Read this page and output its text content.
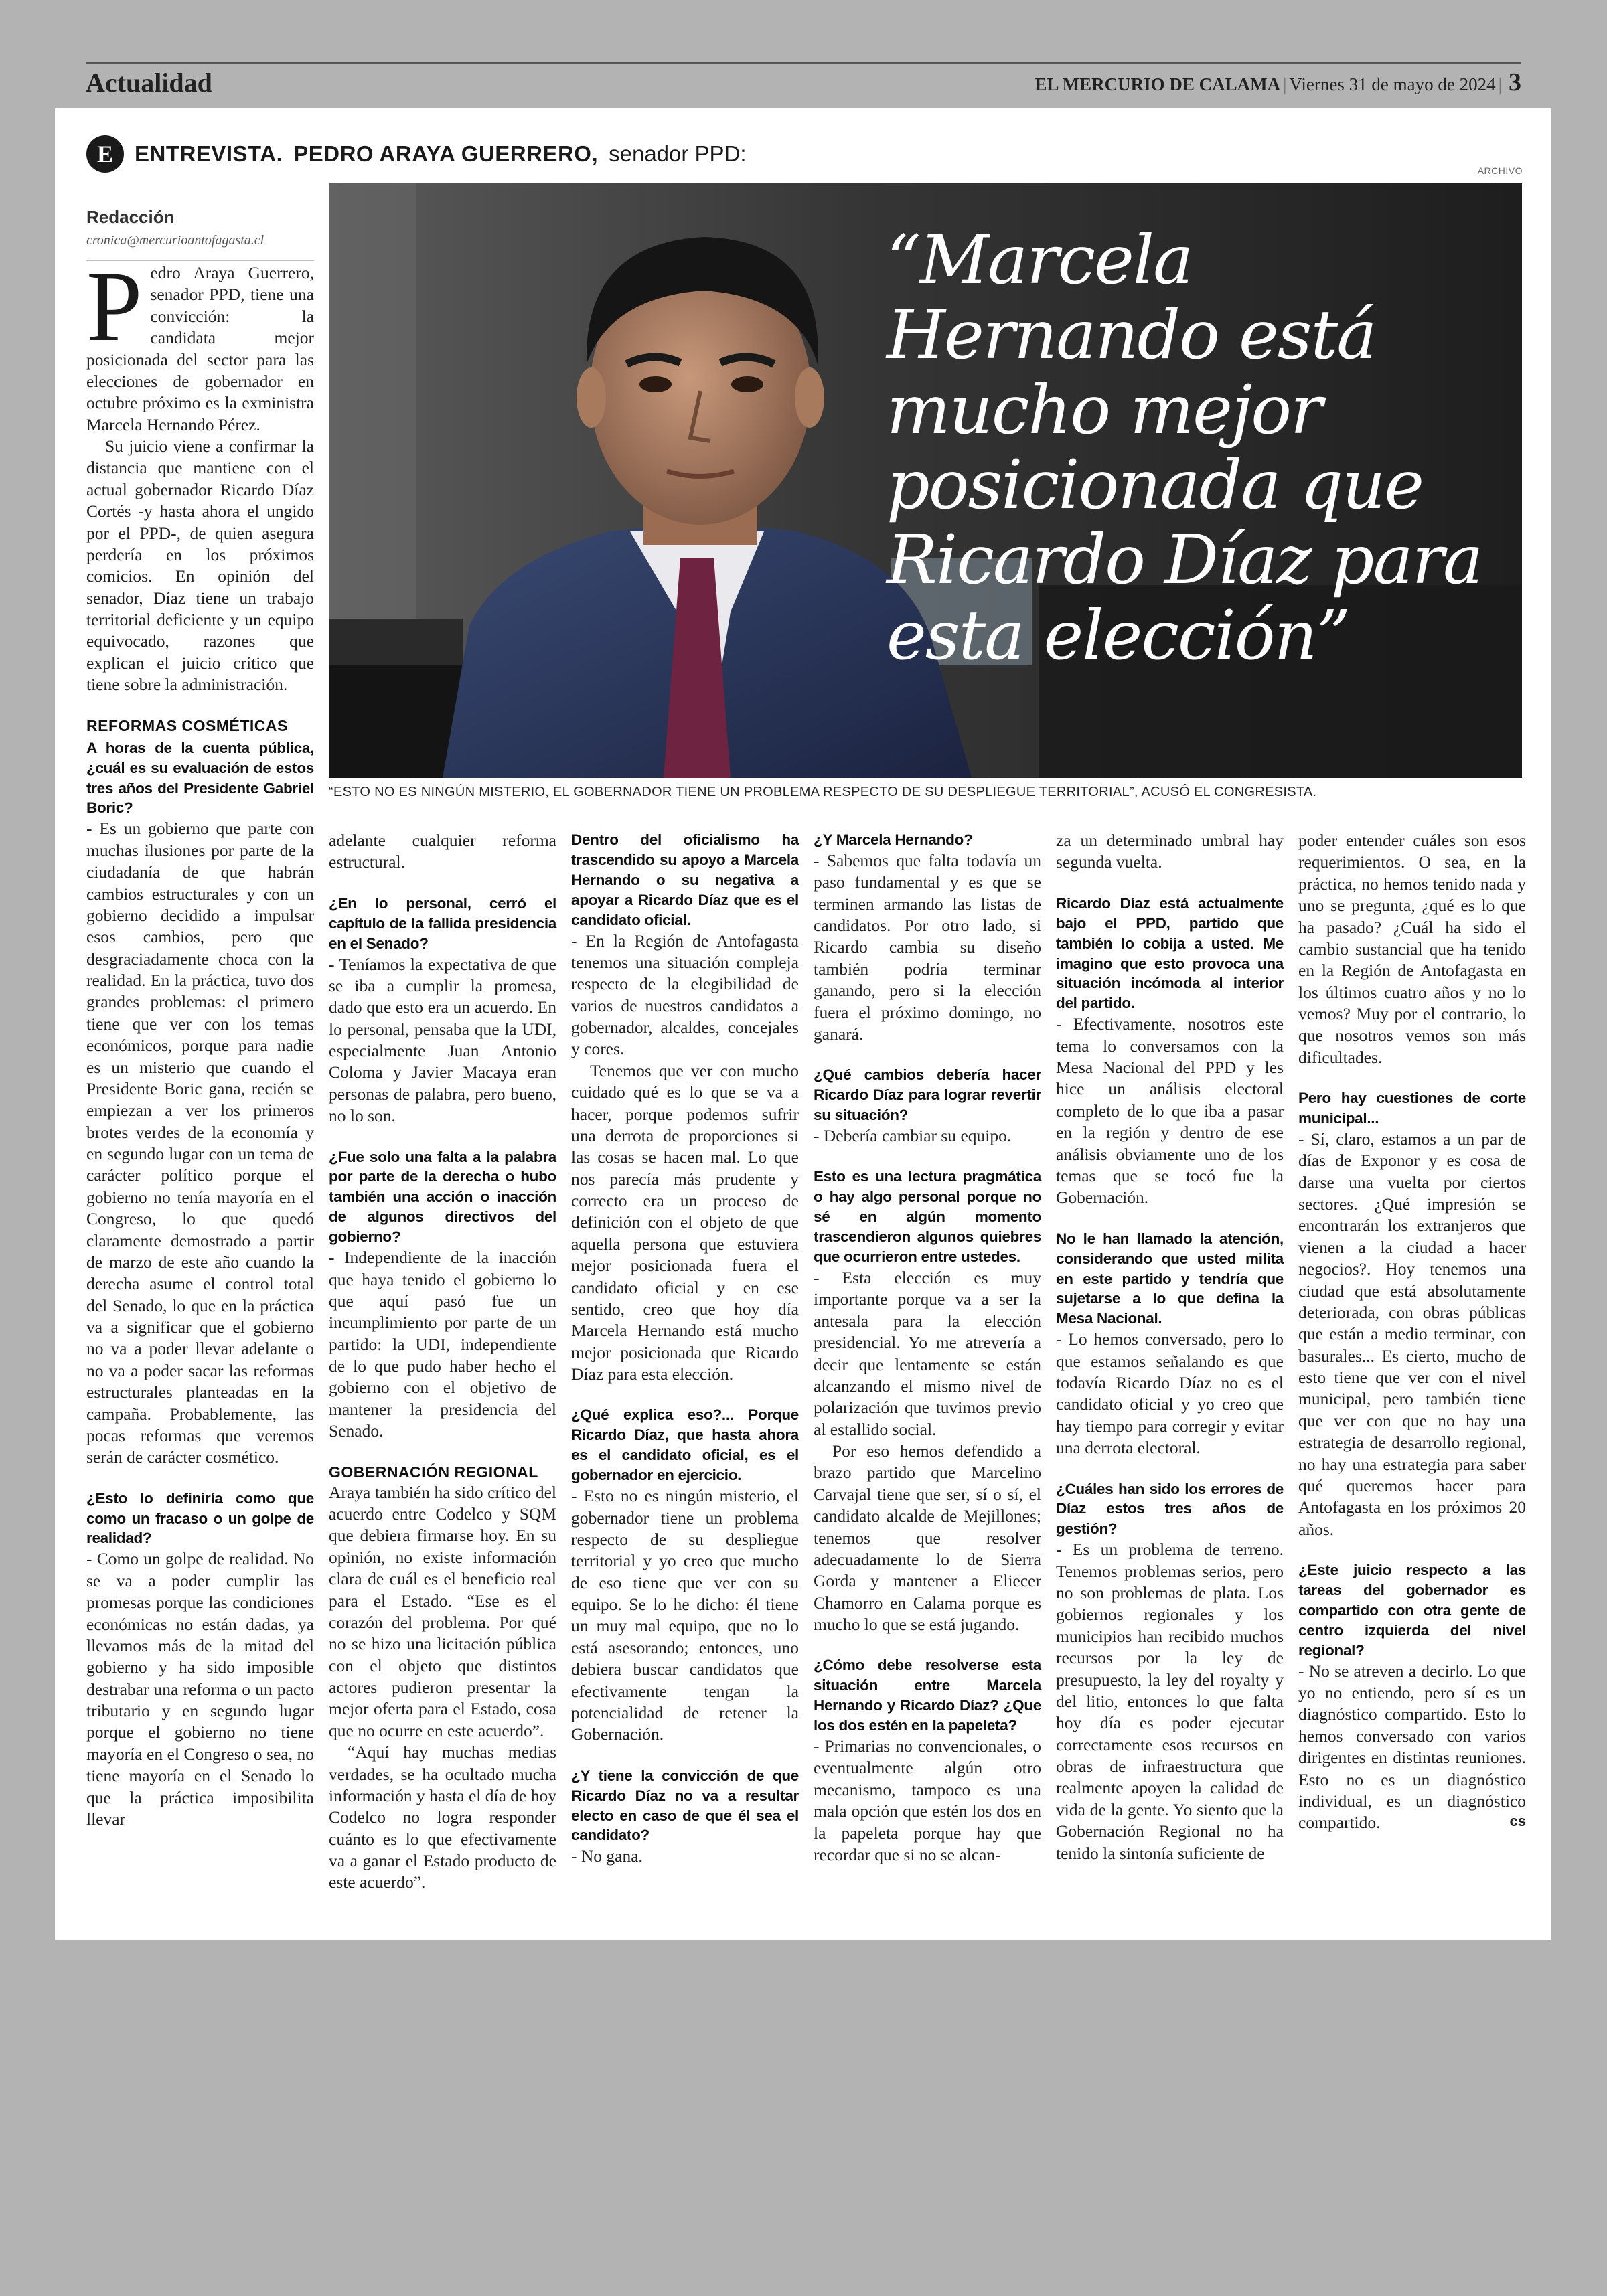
Actualidad	EL MERCURIO DE CALAMA | Viernes 31 de mayo de 2024 | 3
E ENTREVISTA. PEDRO ARAYA GUERRERO, senador PPD:
ARCHIVO
“Marcela Hernando está mucho mejor posicionada que Ricardo Díaz para esta elección”
“ESTO NO ES NINGÚN MISTERIO, EL GOBERNADOR TIENE UN PROBLEMA RESPECTO DE SU DESPLIEGUE TERRITORIAL”, ACUSÓ EL CONGRESISTA.
Redacción
cronica@mercurioantofagasta.cl

Pedro Araya Guerrero, senador PPD, tiene una convicción: la candidata mejor posicionada del sector para las elecciones de gobernador en octubre próximo es la exministra Marcela Hernando Pérez.

Su juicio viene a confirmar la distancia que mantiene con el actual gobernador Ricardo Díaz Cortés -y hasta ahora el ungido por el PPD-, de quien asegura perdería en los próximos comicios. En opinión del senador, Díaz tiene un trabajo territorial deficiente y un equipo equivocado, razones que explican el juicio crítico que tiene sobre la administración.

REFORMAS COSMÉTICAS

A horas de la cuenta pública, ¿cuál es su evaluación de estos tres años del Presidente Gabriel Boric?

- Es un gobierno que parte con muchas ilusiones por parte de la ciudadanía de que habrán cambios estructurales y con un gobierno decidido a impulsar esos cambios, pero que desgraciadamente choca con la realidad. En la práctica, tuvo dos grandes problemas: el primero tiene que ver con los temas económicos, porque para nadie es un misterio que cuando el Presidente Boric gana, recién se empiezan a ver los primeros brotes verdes de la economía y en segundo lugar con un tema de carácter político porque el gobierno no tenía mayoría en el Congreso, lo que quedó claramente demostrado a partir de marzo de este año cuando la derecha asume el control total del Senado, lo que en la práctica va a significar que el gobierno no va a poder llevar adelante o no va a poder sacar las reformas estructurales planteadas en la campaña. Probablemente, las pocas reformas que veremos serán de carácter cosmético.

¿Esto lo definiría como que como un fracaso o un golpe de realidad?

- Como un golpe de realidad. No se va a poder cumplir las promesas porque las condiciones económicas no están dadas, ya llevamos más de la mitad del gobierno y ha sido imposible destrabar una reforma o un pacto tributario y en segundo lugar porque el gobierno no tiene mayoría en el Congreso o sea, no tiene mayoría en el Senado lo que la práctica imposibilita llevar

adelante cualquier reforma estructural.

¿En lo personal, cerró el capítulo de la fallida presidencia en el Senado?

- Teníamos la expectativa de que se iba a cumplir la promesa, dado que esto era un acuerdo. En lo personal, pensaba que la UDI, especialmente Juan Antonio Coloma y Javier Macaya eran personas de palabra, pero bueno, no lo son.

¿Fue solo una falta a la palabra por parte de la derecha o hubo también una acción o inacción de algunos directivos del gobierno?

- Independiente de la inacción que haya tenido el gobierno lo que aquí pasó fue un incumplimiento por parte de un partido: la UDI, independiente de lo que pudo haber hecho el gobierno con el objetivo de mantener la presidencia del Senado.

GOBERNACIÓN REGIONAL

Araya también ha sido crítico del acuerdo entre Codelco y SQM que debiera firmarse hoy. En su opinión, no existe información clara de cuál es el beneficio real para el Estado. “Ese es el corazón del problema. Por qué no se hizo una licitación pública con el objeto que distintos actores pudieron presentar la mejor oferta para el Estado, cosa que no ocurre en este acuerdo”.

“Aquí hay muchas medias verdades, se ha ocultado mucha información y hasta el día de hoy Codelco no logra responder cuánto es lo que efectivamente va a ganar el Estado producto de este acuerdo”.

Dentro del oficialismo ha trascendido su apoyo a Marcela Hernando o su negativa a apoyar a Ricardo Díaz que es el candidato oficial.

- En la Región de Antofagasta tenemos una situación compleja respecto de la elegibilidad de varios de nuestros candidatos a gobernador, alcaldes, concejales y cores.

Tenemos que ver con mucho cuidado qué es lo que se va a hacer, porque podemos sufrir una derrota de proporciones si las cosas se hacen mal. Lo que nos parecía más prudente y correcto era un proceso de definición con el objeto de que aquella persona que estuviera mejor posicionada fuera el candidato oficial y en ese sentido, creo que hoy día Marcela Hernando está mucho mejor posicionada que Ricardo Díaz para esta elección.

¿Qué explica eso?... Porque Ricardo Díaz, que hasta ahora es el candidato oficial, es el gobernador en ejercicio.

- Esto no es ningún misterio, el gobernador tiene un problema respecto de su despliegue territorial y yo creo que mucho de eso tiene que ver con su equipo. Se lo he dicho: él tiene un muy mal equipo, que no lo está asesorando; entonces, uno debiera buscar candidatos que efectivamente tengan la potencialidad de retener la Gobernación.

¿Y tiene la convicción de que Ricardo Díaz no va a resultar electo en caso de que él sea el candidato?

- No gana.

¿Y Marcela Hernando?

- Sabemos que falta todavía un paso fundamental y es que se terminen armando las listas de candidatos. Por otro lado, si Ricardo cambia su diseño también podría terminar ganando, pero si la elección fuera el próximo domingo, no ganará.

¿Qué cambios debería hacer Ricardo Díaz para lograr revertir su situación?

- Debería cambiar su equipo.

Esto es una lectura pragmática o hay algo personal porque no sé en algún momento trascendieron algunos quiebres que ocurrieron entre ustedes.

- Esta elección es muy importante porque va a ser la antesala para la elección presidencial. Yo me atrevería a decir que lentamente se están alcanzando el mismo nivel de polarización que tuvimos previo al estallido social.

Por eso hemos defendido a brazo partido que Marcelino Carvajal tiene que ser, sí o sí, el candidato alcalde de Mejillones; tenemos que resolver adecuadamente lo de Sierra Gorda y mantener a Eliecer Chamorro en Calama porque es mucho lo que se está jugando.

¿Cómo debe resolverse esta situación entre Marcela Hernando y Ricardo Díaz? ¿Que los dos estén en la papeleta?

- Primarias no convencionales, o eventualmente algún otro mecanismo, tampoco es una mala opción que estén los dos en la papeleta porque hay que recordar que si no se alcan-

za un determinado umbral hay segunda vuelta.

Ricardo Díaz está actualmente bajo el PPD, partido que también lo cobija a usted. Me imagino que esto provoca una situación incómoda al interior del partido.

- Efectivamente, nosotros este tema lo conversamos con la Mesa Nacional del PPD y les hice un análisis electoral completo de lo que iba a pasar en la región y dentro de ese análisis obviamente uno de los temas que se tocó fue la Gobernación.

No le han llamado la atención, considerando que usted milita en este partido y tendría que sujetarse a lo que defina la Mesa Nacional.

- Lo hemos conversado, pero lo que estamos señalando es que todavía Ricardo Díaz no es el candidato oficial y yo creo que hay tiempo para corregir y evitar una derrota electoral.

¿Cuáles han sido los errores de Díaz estos tres años de gestión?

- Es un problema de terreno. Tenemos problemas serios, pero no son problemas de plata. Los gobiernos regionales y los municipios han recibido muchos recursos por la ley de presupuesto, la ley del royalty y del litio, entonces lo que falta hoy día es poder ejecutar correctamente esos recursos en obras de infraestructura que realmente apoyen la calidad de vida de la gente. Yo siento que la Gobernación Regional no ha tenido la sintonía suficiente de

poder entender cuáles son esos requerimientos. O sea, en la práctica, no hemos tenido nada y uno se pregunta, ¿qué es lo que ha pasado? ¿Cuál ha sido el cambio sustancial que ha tenido en la Región de Antofagasta en los últimos cuatro años y no lo vemos? Muy por el contrario, lo que nosotros vemos son más dificultades.

Pero hay cuestiones de corte municipal...

- Sí, claro, estamos a un par de días de Exponor y es cosa de darse una vuelta por ciertos sectores. ¿Qué impresión se encontrarán los extranjeros que vienen a la ciudad a hacer negocios?. Hoy tenemos una ciudad que está absolutamente deteriorada, con obras públicas que están a medio terminar, con basurales... Es cierto, mucho de esto tiene que ver con el nivel municipal, pero también tiene que ver con que no hay una estrategia de desarrollo regional, no hay una estrategia para saber qué queremos hacer para Antofagasta en los próximos 20 años.

¿Este juicio respecto a las tareas del gobernador es compartido con otra gente de centro izquierda del nivel regional?

- No se atreven a decirlo. Lo que yo no entiendo, pero sí es un diagnóstico compartido. Esto lo hemos conversado con varios dirigentes en distintas reuniones. Esto no es un diagnóstico individual, es un diagnóstico compartido.	cs
